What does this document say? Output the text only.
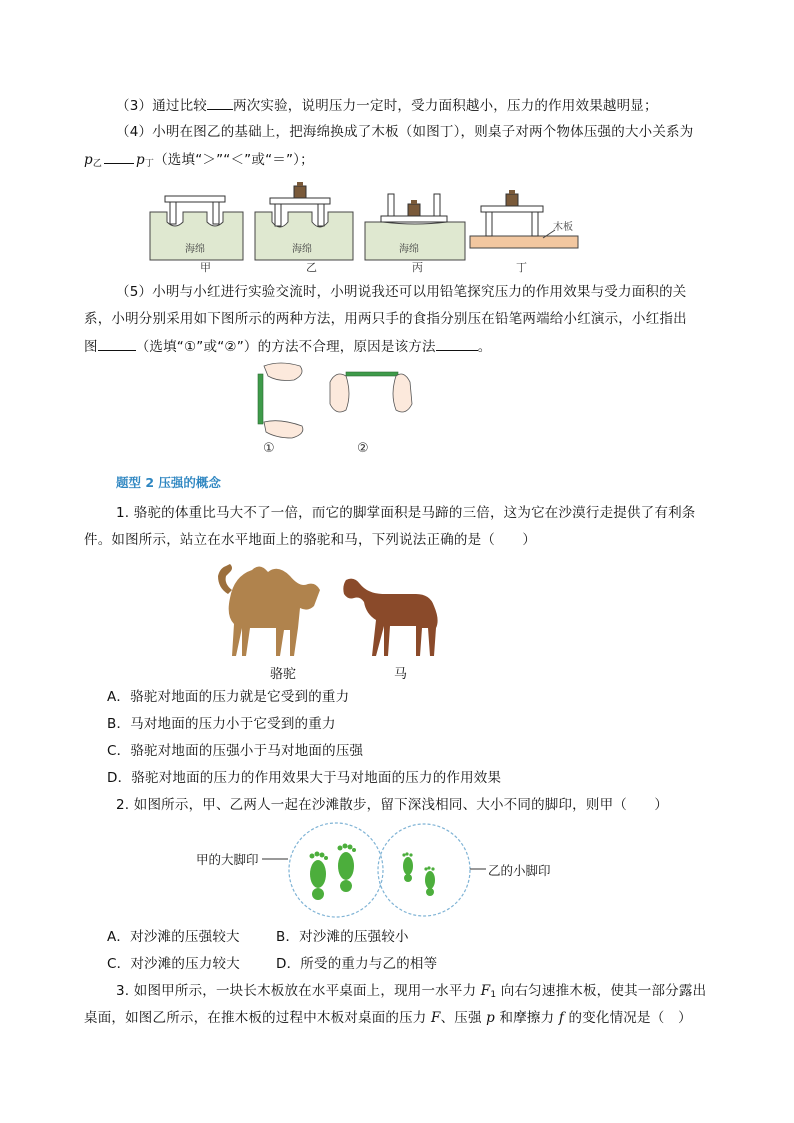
（3）通过比较 两次实验，说明压力一定时，受力面积越小，压力的作用效果越明显；
（4）小明在图乙的基础上，把海绵换成了木板（如图丁），则桌子对两个物体压强的大小关系为
$p_乙$	$p_丁$（选填“＞”“＜”或“＝”）；
海绵	海绵	海绵
木板
甲	乙	丙	丁
（5）小明与小红进行实验交流时，小明说我还可以用铅笔探究压力的作用效果与受力面积的关
系，小明分别采用如下图所示的两种方法，用两只手的食指分别压在铅笔两端给小红演示，小红指出
图	（选填“①”或“②”）的方法不合理，原因是该方法	。
①	②
题型 2 压强的概念
1. 骆驼的体重比马大不了一倍，而它的脚掌面积是马蹄的三倍，这为它在沙漠行走提供了有利条
件。如图所示，站立在水平地面上的骆驼和马，下列说法正确的是（　　）
骆驼	马
A．骆驼对地面的压力就是它受到的重力
B．马对地面的压力小于它受到的重力
C．骆驼对地面的压强小于马对地面的压强
D．骆驼对地面的压力的作用效果大于马对地面的压力的作用效果
2. 如图所示，甲、乙两人一起在沙滩散步，留下深浅相同、大小不同的脚印，则甲（　　）
甲的大脚印
乙的小脚印
A．对沙滩的压强较大	B．对沙滩的压强较小
C．对沙滩的压力较大	D．所受的重力与乙的相等
3. 如图甲所示，一块长木板放在水平桌面上，现用一水平力 $F_1$ 向右匀速推木板，使其一部分露出
桌面，如图乙所示，在推木板的过程中木板对桌面的压力 F、压强 p 和摩擦力 f 的变化情况是（　）
